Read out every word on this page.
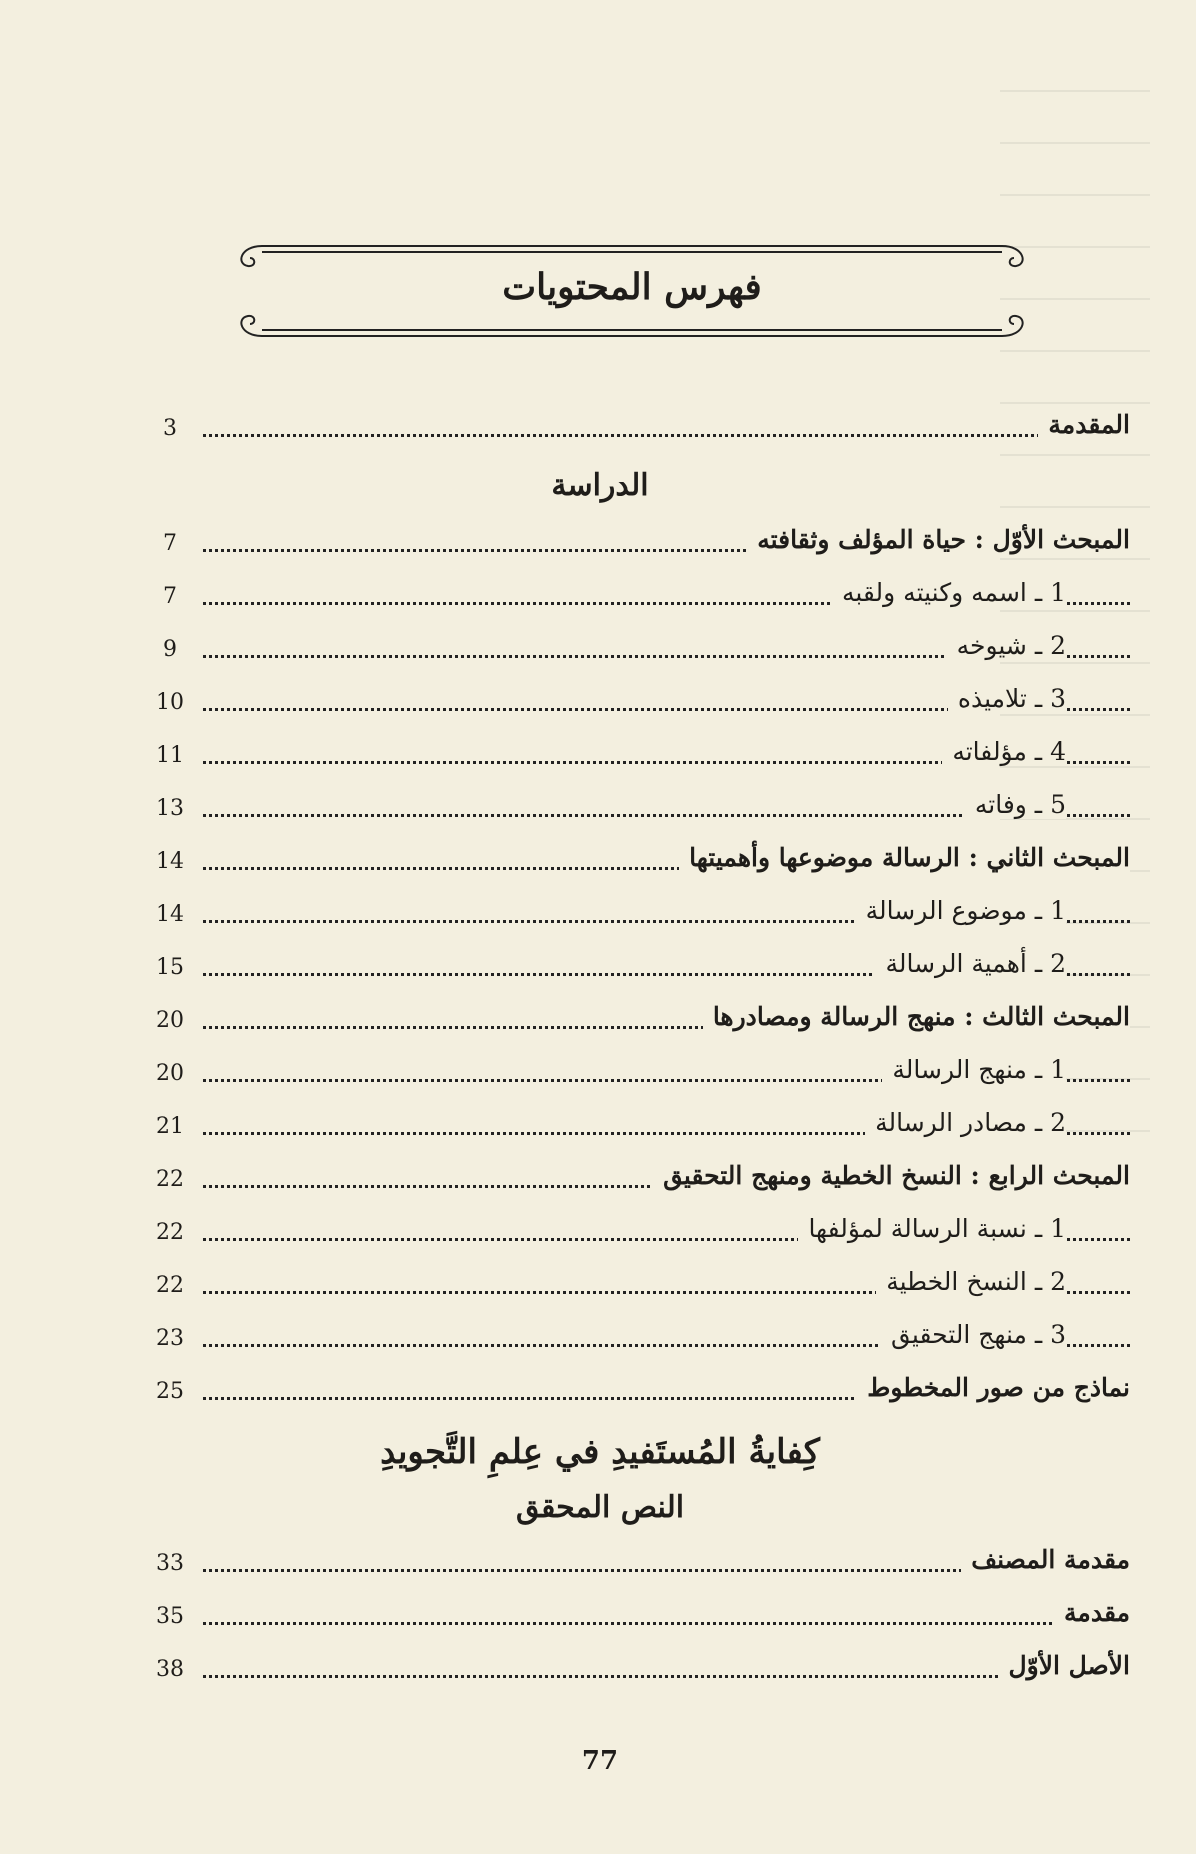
فهرس المحتويات
3	المقدمة
الدراسة
7	المبحث الأوّل : حياة المؤلف وثقافته
7	1 ـ اسمه وكنيته ولقبه
9	2 ـ شيوخه
10	3 ـ تلاميذه
11	4 ـ مؤلفاته
13	5 ـ وفاته
14	المبحث الثاني : الرسالة موضوعها وأهميتها
14	1 ـ موضوع الرسالة
15	2 ـ أهمية الرسالة
20	المبحث الثالث : منهج الرسالة ومصادرها
20	1 ـ منهج الرسالة
21	2 ـ مصادر الرسالة
22	المبحث الرابع : النسخ الخطية ومنهج التحقيق
22	1 ـ نسبة الرسالة لمؤلفها
22	2 ـ النسخ الخطية
23	3 ـ منهج التحقيق
25	نماذج من صور المخطوط
كِفايةُ المُستَفيدِ في عِلمِ التَّجويدِ
النص المحقق
33	مقدمة المصنف
35	مقدمة
38	الأصل الأوّل
77
